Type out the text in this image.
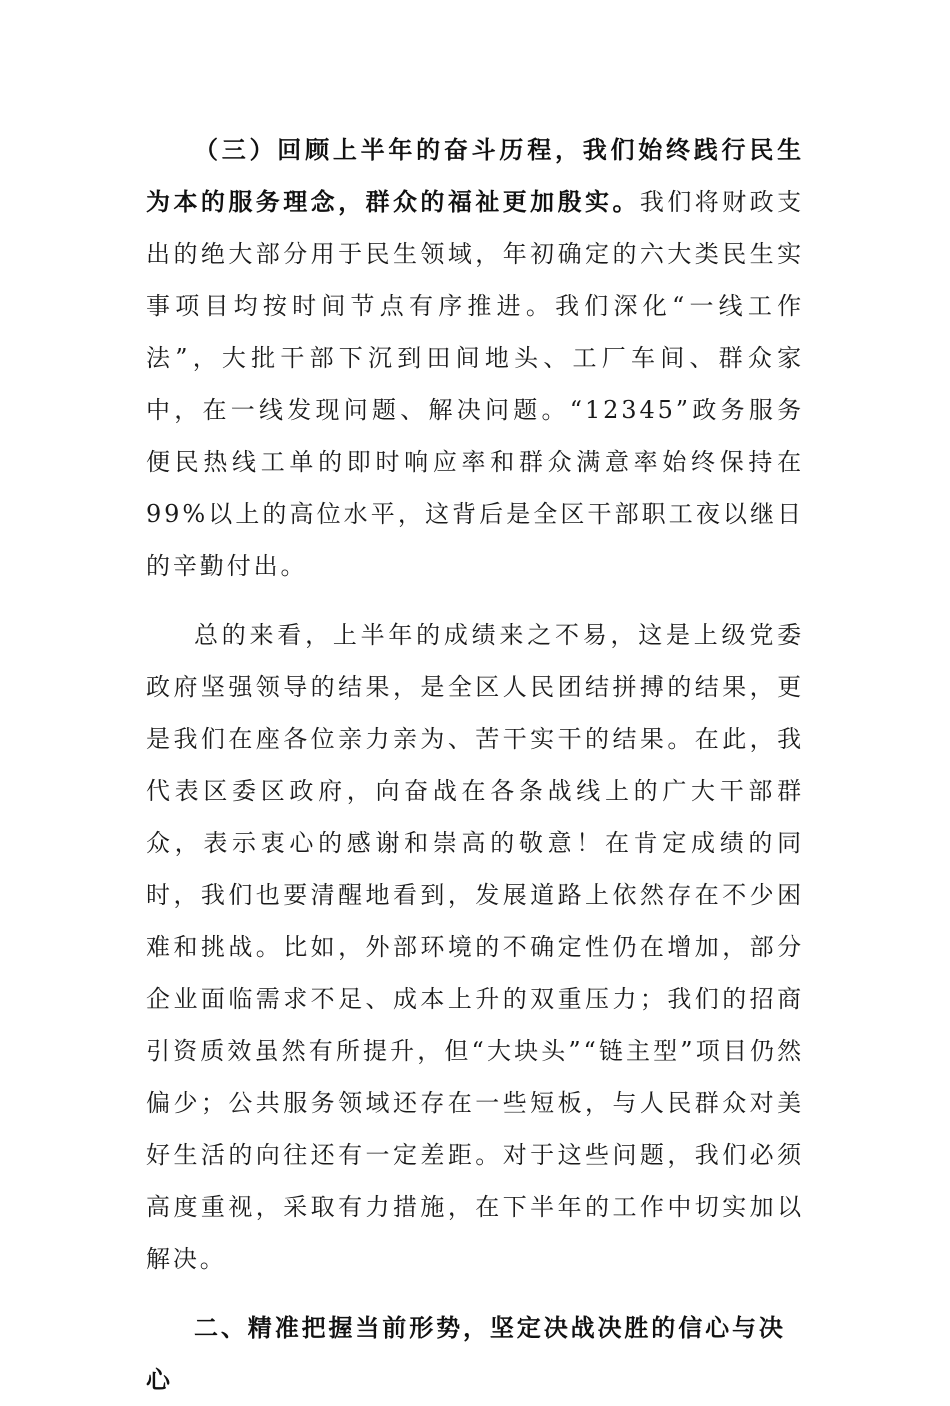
（三）回顾上半年的奋斗历程，我们始终践行民生为本的服务理念，群众的福祉更加殷实。我们将财政支出的绝大部分用于民生领域，年初确定的六大类民生实事项目均按时间节点有序推进。我们深化“一线工作法”，大批干部下沉到田间地头、工厂车间、群众家中，在一线发现问题、解决问题。“12345”政务服务便民热线工单的即时响应率和群众满意率始终保持在99%以上的高位水平，这背后是全区干部职工夜以继日的辛勤付出。

总的来看，上半年的成绩来之不易，这是上级党委政府坚强领导的结果，是全区人民团结拼搏的结果，更是我们在座各位亲力亲为、苦干实干的结果。在此，我代表区委区政府，向奋战在各条战线上的广大干部群众，表示衷心的感谢和崇高的敬意！在肯定成绩的同时，我们也要清醒地看到，发展道路上依然存在不少困难和挑战。比如，外部环境的不确定性仍在增加，部分企业面临需求不足、成本上升的双重压力；我们的招商引资质效虽然有所提升，但“大块头”“链主型”项目仍然偏少；公共服务领域还存在一些短板，与人民群众对美好生活的向往还有一定差距。对于这些问题，我们必须高度重视，采取有力措施，在下半年的工作中切实加以解决。

二、精准把握当前形势，坚定决战决胜的信心与决心
